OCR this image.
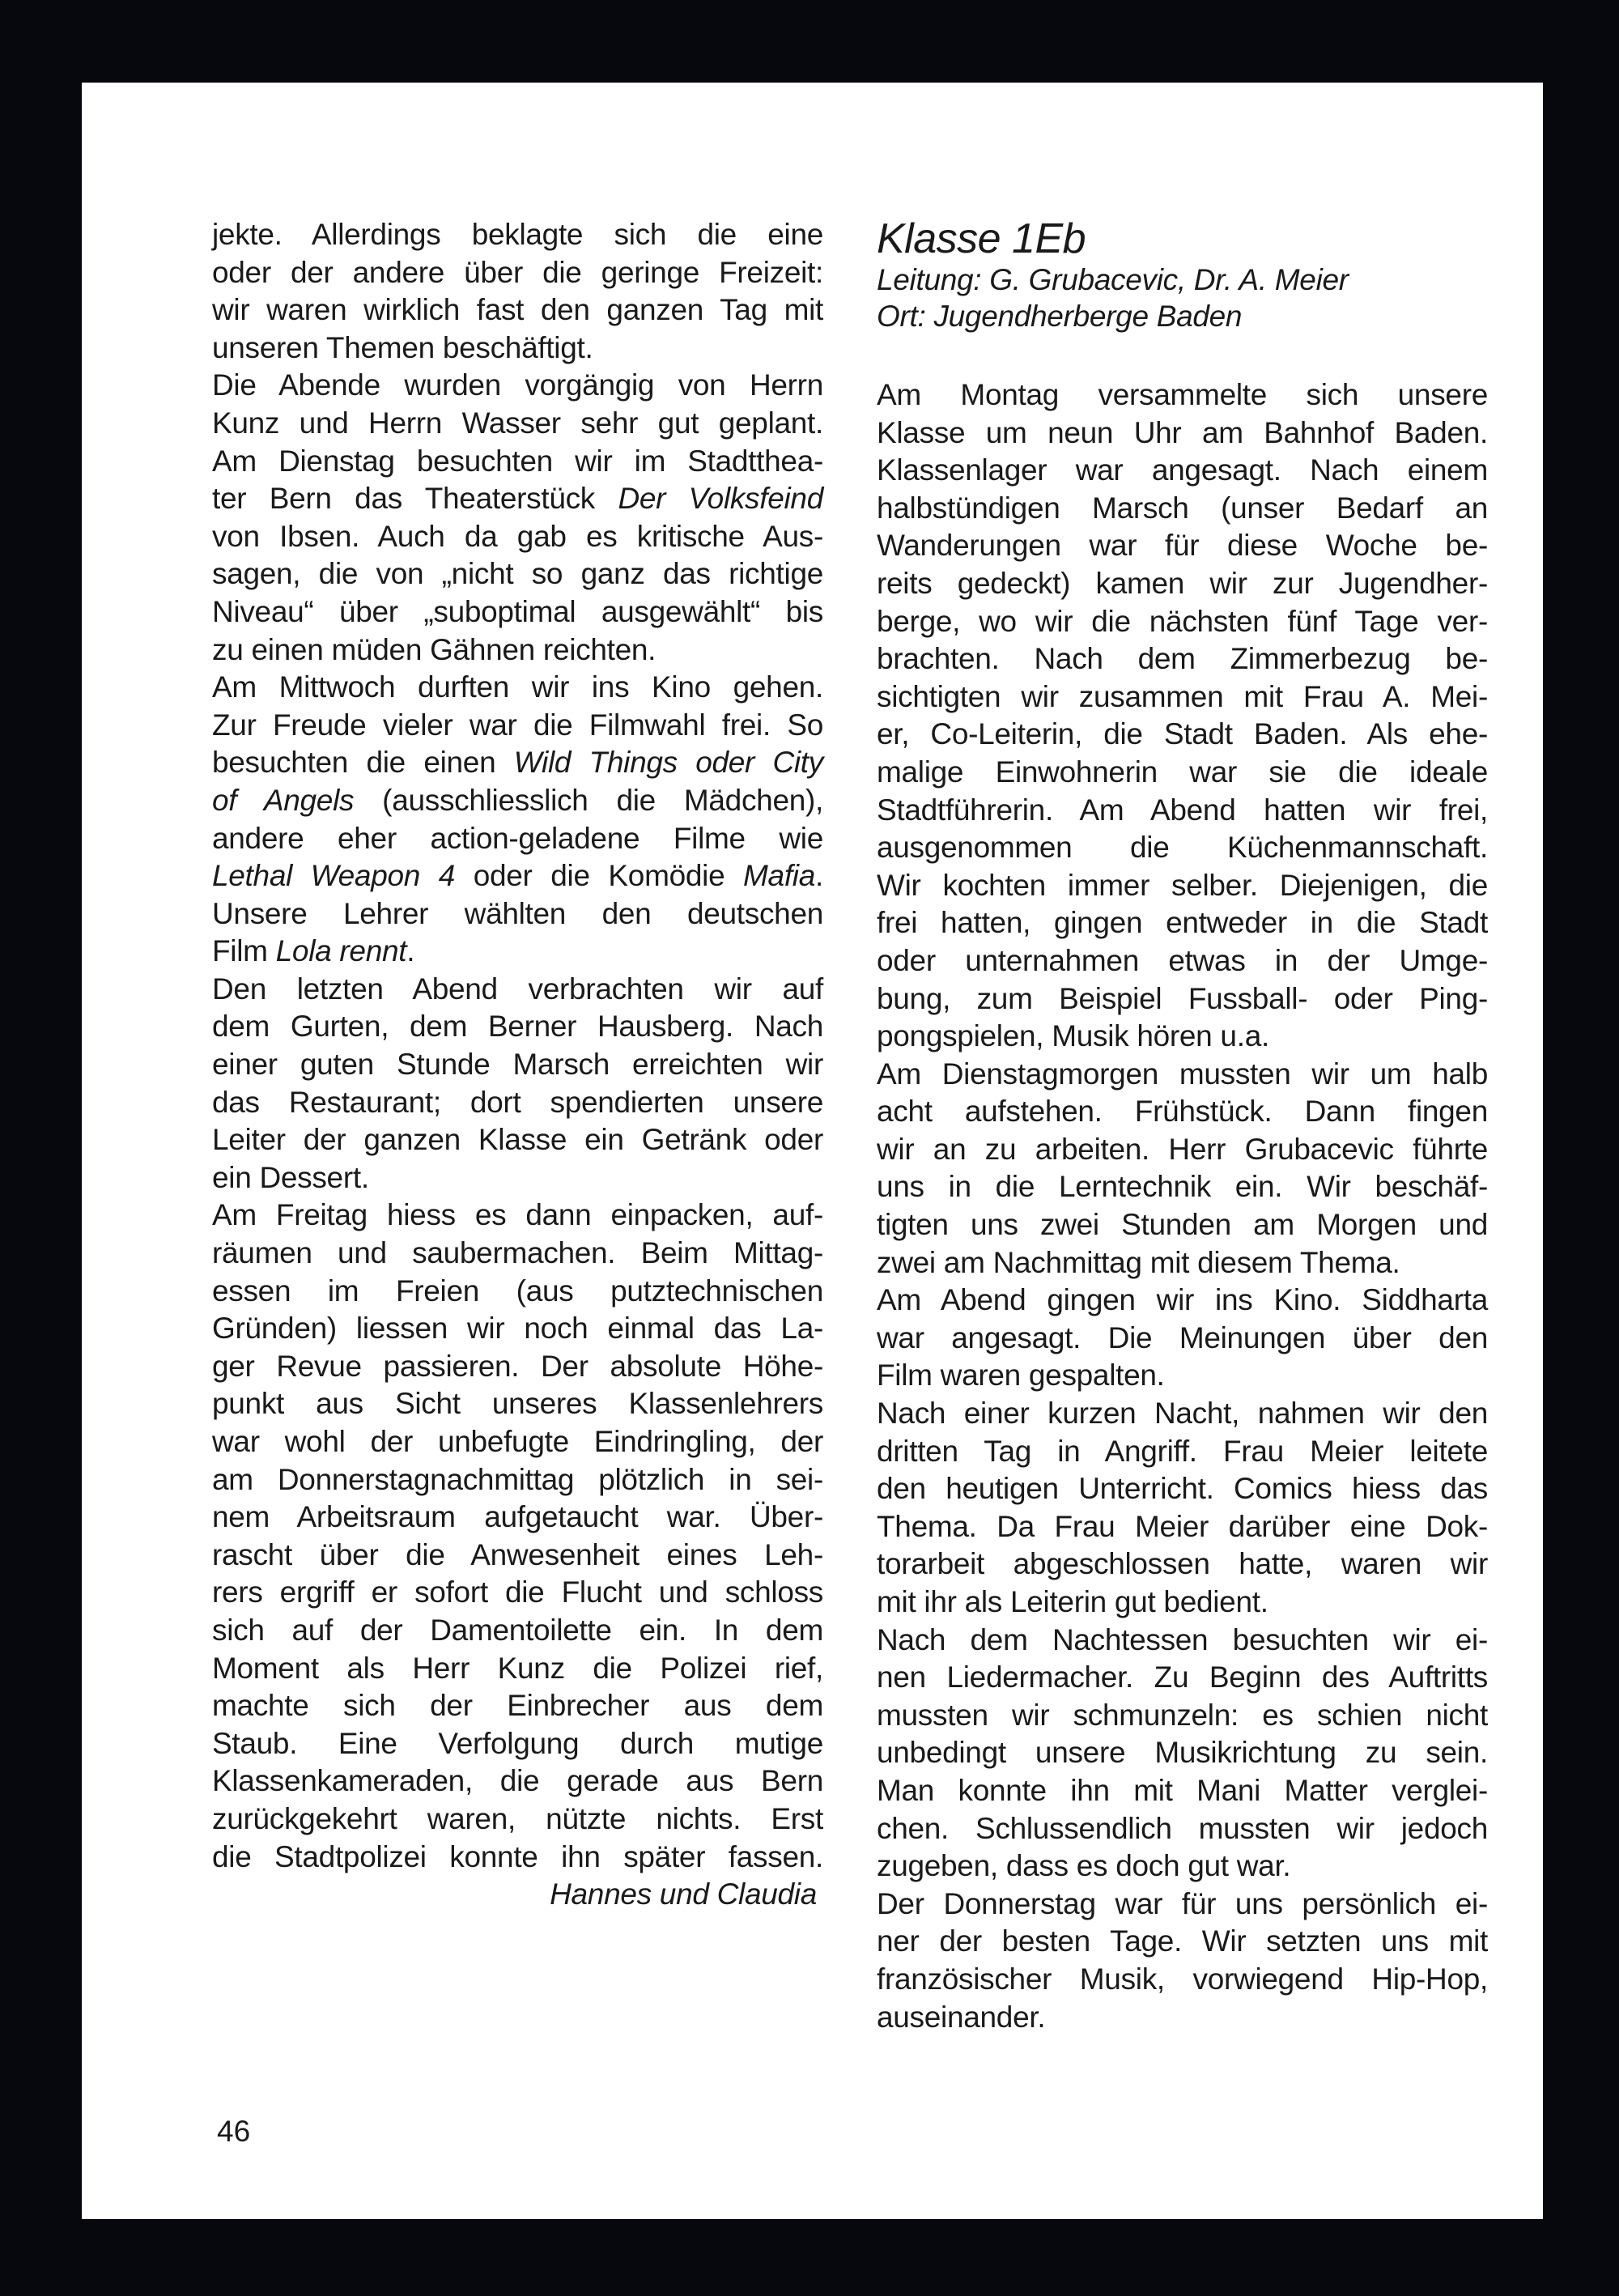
jekte. Allerdings beklagte sich die eine
oder der andere über die geringe Freizeit:
wir waren wirklich fast den ganzen Tag mit
unseren Themen beschäftigt.
Die Abende wurden vorgängig von Herrn
Kunz und Herrn Wasser sehr gut geplant.
Am Dienstag besuchten wir im Stadtthea-
ter Bern das Theaterstück Der Volksfeind
von Ibsen. Auch da gab es kritische Aus-
sagen, die von „nicht so ganz das richtige
Niveau“ über „suboptimal ausgewählt“ bis
zu einen müden Gähnen reichten.
Am Mittwoch durften wir ins Kino gehen.
Zur Freude vieler war die Filmwahl frei. So
besuchten die einen Wild Things oder City
of Angels (ausschliesslich die Mädchen),
andere eher action-geladene Filme wie
Lethal Weapon 4 oder die Komödie Mafia.
Unsere Lehrer wählten den deutschen
Film Lola rennt.
Den letzten Abend verbrachten wir auf
dem Gurten, dem Berner Hausberg. Nach
einer guten Stunde Marsch erreichten wir
das Restaurant; dort spendierten unsere
Leiter der ganzen Klasse ein Getränk oder
ein Dessert.
Am Freitag hiess es dann einpacken, auf-
räumen und saubermachen. Beim Mittag-
essen im Freien (aus putztechnischen
Gründen) liessen wir noch einmal das La-
ger Revue passieren. Der absolute Höhe-
punkt aus Sicht unseres Klassenlehrers
war wohl der unbefugte Eindringling, der
am Donnerstagnachmittag plötzlich in sei-
nem Arbeitsraum aufgetaucht war. Über-
rascht über die Anwesenheit eines Leh-
rers ergriff er sofort die Flucht und schloss
sich auf der Damentoilette ein. In dem
Moment als Herr Kunz die Polizei rief,
machte sich der Einbrecher aus dem
Staub. Eine Verfolgung durch mutige
Klassenkameraden, die gerade aus Bern
zurückgekehrt waren, nützte nichts. Erst
die Stadtpolizei konnte ihn später fassen.
Hannes und Claudia
Klasse 1Eb
Leitung: G. Grubacevic, Dr. A. Meier
Ort: Jugendherberge Baden
Am Montag versammelte sich unsere
Klasse um neun Uhr am Bahnhof Baden.
Klassenlager war angesagt. Nach einem
halbstündigen Marsch (unser Bedarf an
Wanderungen war für diese Woche be-
reits gedeckt) kamen wir zur Jugendher-
berge, wo wir die nächsten fünf Tage ver-
brachten. Nach dem Zimmerbezug be-
sichtigten wir zusammen mit Frau A. Mei-
er, Co-Leiterin, die Stadt Baden. Als ehe-
malige Einwohnerin war sie die ideale
Stadtführerin. Am Abend hatten wir frei,
ausgenommen die Küchenmannschaft.
Wir kochten immer selber. Diejenigen, die
frei hatten, gingen entweder in die Stadt
oder unternahmen etwas in der Umge-
bung, zum Beispiel Fussball- oder Ping-
pongspielen, Musik hören u.a.
Am Dienstagmorgen mussten wir um halb
acht aufstehen. Frühstück. Dann fingen
wir an zu arbeiten. Herr Grubacevic führte
uns in die Lerntechnik ein. Wir beschäf-
tigten uns zwei Stunden am Morgen und
zwei am Nachmittag mit diesem Thema.
Am Abend gingen wir ins Kino. Siddharta
war angesagt. Die Meinungen über den
Film waren gespalten.
Nach einer kurzen Nacht, nahmen wir den
dritten Tag in Angriff. Frau Meier leitete
den heutigen Unterricht. Comics hiess das
Thema. Da Frau Meier darüber eine Dok-
torarbeit abgeschlossen hatte, waren wir
mit ihr als Leiterin gut bedient.
Nach dem Nachtessen besuchten wir ei-
nen Liedermacher. Zu Beginn des Auftritts
mussten wir schmunzeln: es schien nicht
unbedingt unsere Musikrichtung zu sein.
Man konnte ihn mit Mani Matter verglei-
chen. Schlussendlich mussten wir jedoch
zugeben, dass es doch gut war.
Der Donnerstag war für uns persönlich ei-
ner der besten Tage. Wir setzten uns mit
französischer Musik, vorwiegend Hip-Hop,
auseinander.
46
